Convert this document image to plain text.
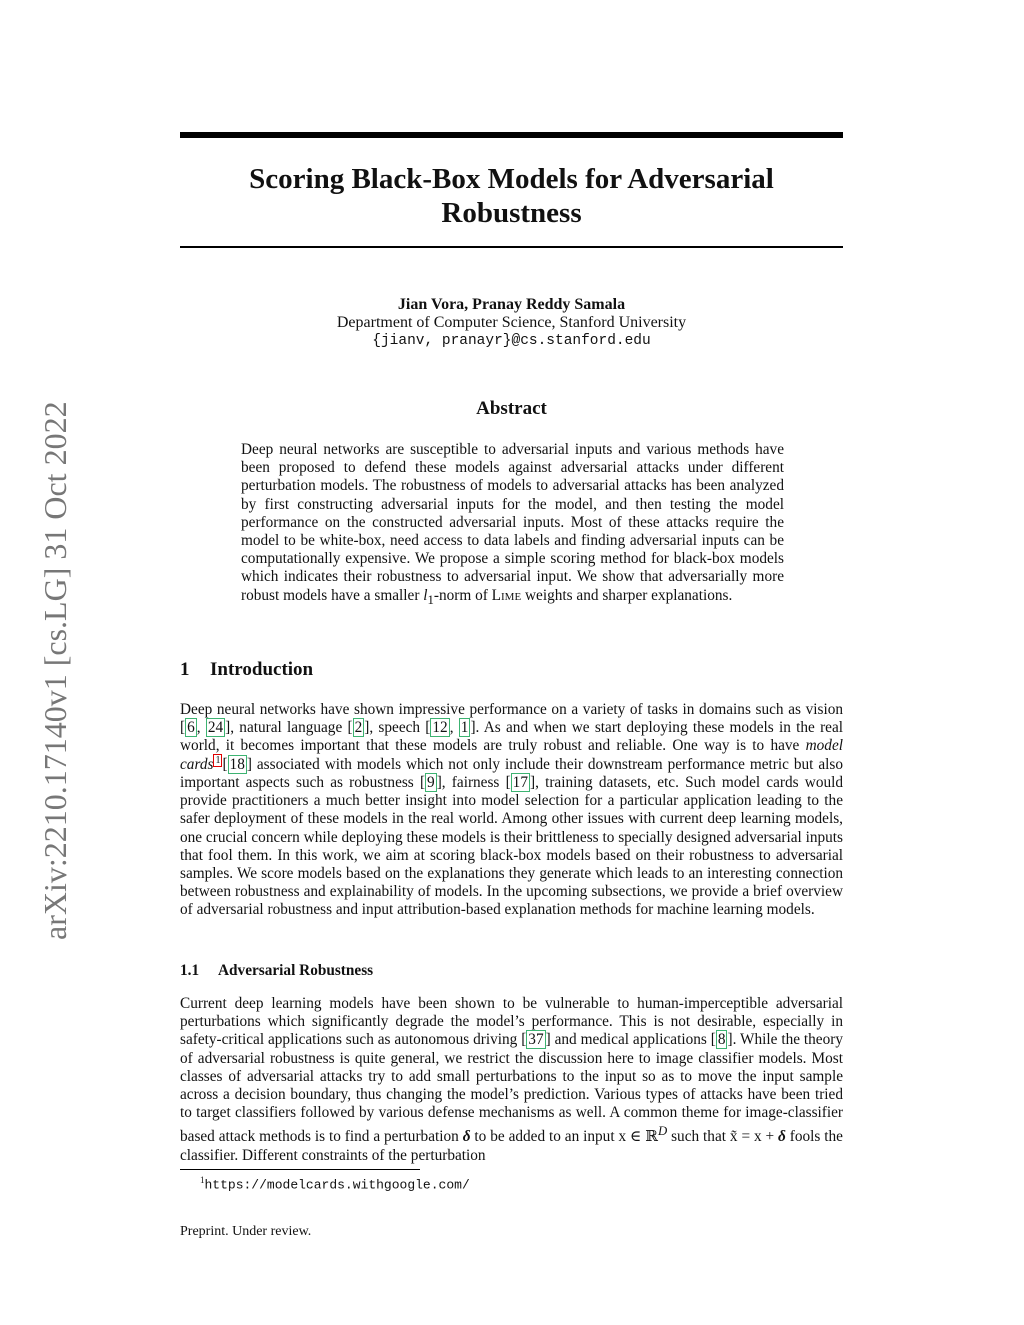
arXiv:2210.17140v1 [cs.LG] 31 Oct 2022
Scoring Black-Box Models for Adversarial Robustness
Jian Vora, Pranay Reddy Samala
Department of Computer Science, Stanford University
{jianv, pranayr}@cs.stanford.edu
Abstract

Deep neural networks are susceptible to adversarial inputs and various methods have been proposed to defend these models against adversarial attacks under different perturbation models. The robustness of models to adversarial attacks has been analyzed by first constructing adversarial inputs for the model, and then testing the model performance on the constructed adversarial inputs. Most of these attacks require the model to be white-box, need access to data labels and finding adversarial inputs can be computationally expensive. We propose a simple scoring method for black-box models which indicates their robustness to adversarial input. We show that adversarially more robust models have a smaller $l_1$-norm of Lime weights and sharper explanations.

1 Introduction

Deep neural networks have shown impressive performance on a variety of tasks in domains such as vision [ 6 , 24 ], natural language [ 2 ], speech [ 12 , 1 ]. As and when we start deploying these models in the real world, it becomes important that these models are truly robust and reliable. One way is to have model cards $^1$ [ 18 ] associated with models which not only include their downstream performance metric but also important aspects such as robustness [ 9 ], fairness [ 17 ], training datasets, etc. Such model cards would provide practitioners a much better insight into model selection for a particular application leading to the safer deployment of these models in the real world. Among other issues with current deep learning models, one crucial concern while deploying these models is their brittleness to specially designed adversarial inputs that fool them. In this work, we aim at scoring black-box models based on their robustness to adversarial samples. We score models based on the explanations they generate which leads to an interesting connection between robustness and explainability of models. In the upcoming subsections, we provide a brief overview of adversarial robustness and input attribution-based explanation methods for machine learning models.

1.1 Adversarial Robustness

Current deep learning models have been shown to be vulnerable to human-imperceptible adversarial perturbations which significantly degrade the model’s performance. This is not desirable, especially in safety-critical applications such as autonomous driving [ 37 ] and medical applications [ 8 ]. While the theory of adversarial robustness is quite general, we restrict the discussion here to image classifier models. Most classes of adversarial attacks try to add small perturbations to the input so as to move the input sample across a decision boundary, thus changing the model’s prediction. Various types of attacks have been tried to target classifiers followed by various defense mechanisms as well. A common theme for image-classifier based attack methods is to find a perturbation δ to be added to an input x ∈ ℝ$^D$ such that x̃ = x + δ fools the classifier. Different constraints of the perturbation

$^1$https://modelcards.withgoogle.com/
Preprint. Under review.
